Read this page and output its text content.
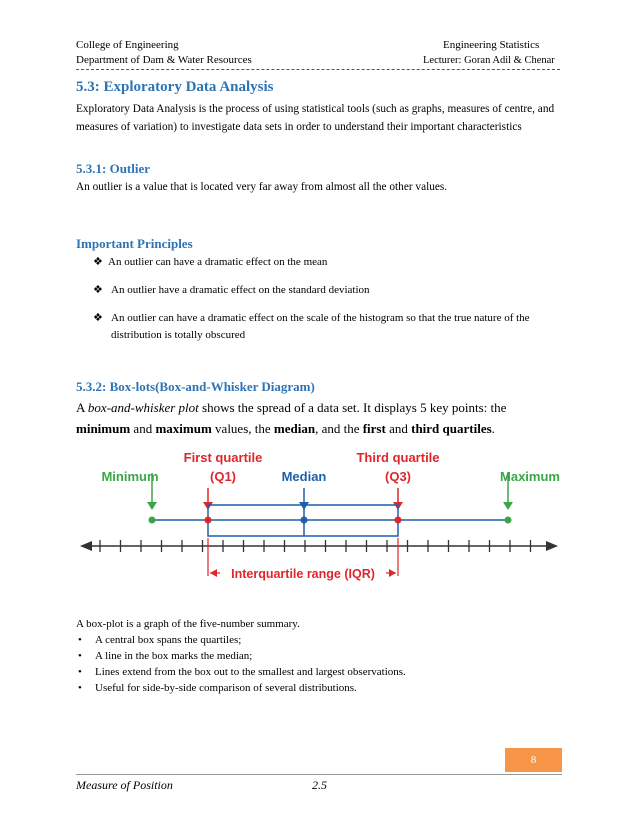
College of Engineering
Department of Dam & Water Resources
Engineering Statistics
Lecturer: Goran Adil & Chenar
5.3: Exploratory Data Analysis

Exploratory Data Analysis is the process of using statistical tools (such as graphs, measures of centre, and measures of variation) to investigate data sets in order to understand their important characteristics

5.3.1: Outlier

An outlier is a value that is located very far away from almost all the other values.

Important Principles
❖ An outlier can have a dramatic effect on the mean
❖ An outlier have a dramatic effect on the standard deviation
❖ An outlier can have a dramatic effect on the scale of the histogram so that the true nature of the distribution is totally obscured
5.3.2: Box-lots(Box-and-Whisker Diagram)

A box-and-whisker plot shows the spread of a data set. It displays 5 key points: the minimum and maximum values, the median, and the first and third quartiles.

Minimum
First quartile
(Q1)	Median
Third quartile
(Q3)	Maximum
Interquartile range (IQR)

A box-plot is a graph of the five-number summary.

• A central box spans the quartiles;
• A line in the box marks the median;
• Lines extend from the box out to the smallest and largest observations.
• Useful for side-by-side comparison of several distributions.
8
Measure of Position	2.5
